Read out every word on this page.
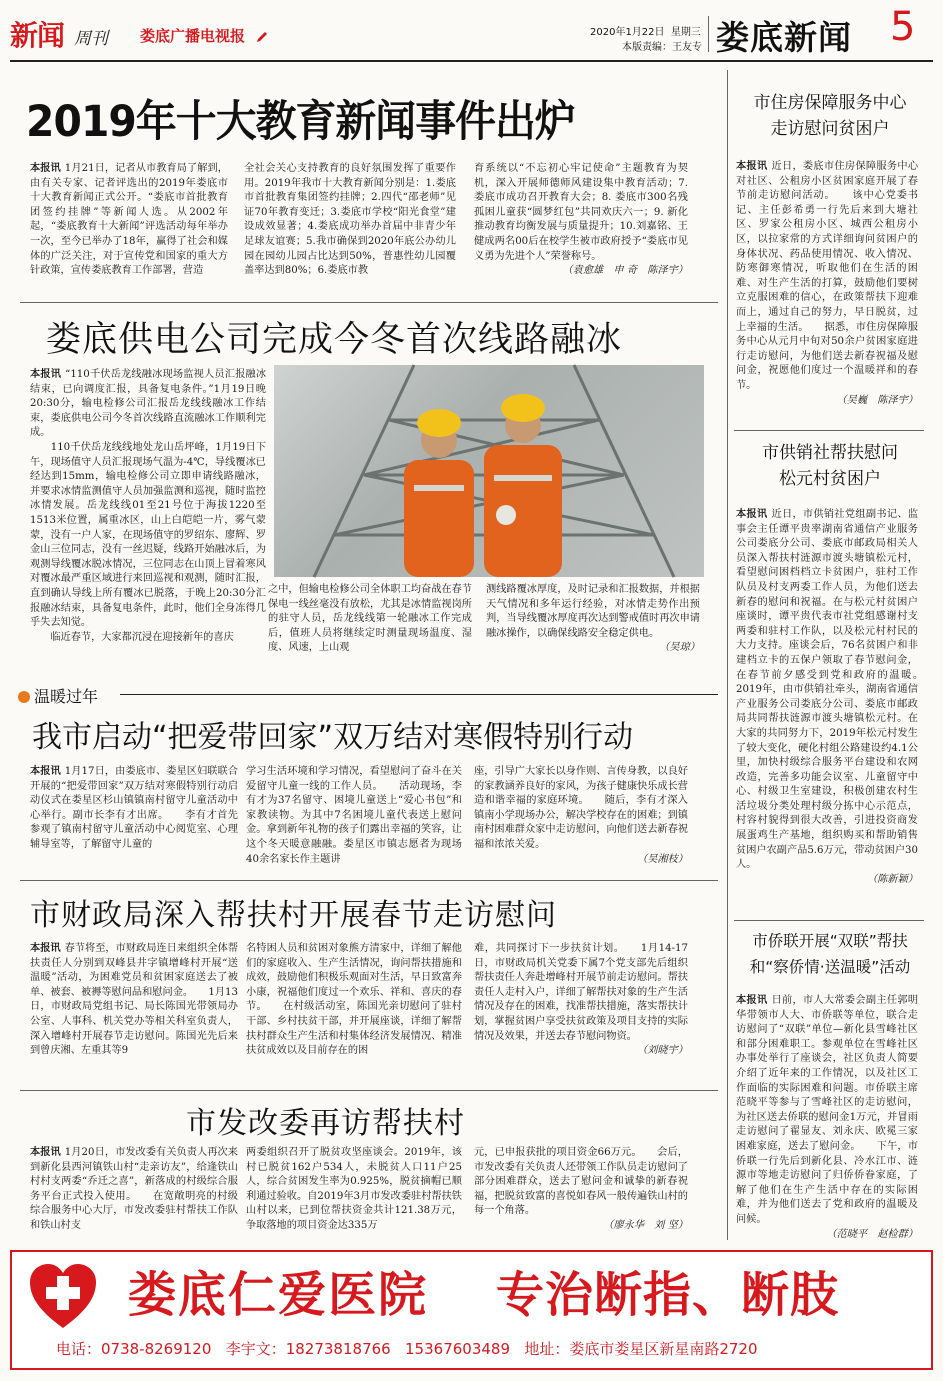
新闻 周刊 娄底广播电视报	2020年1月22日 星期三
本版责编：王友专 娄底新闻 5
2019年十大教育新闻事件出炉
本报讯 1月21日，记者从市教育局了解到，由有关专家、记者评选出的2019年娄底市十大教育新闻正式公开。“娄底市首批教育团签约挂牌”等新闻人选。从2002年起，“娄底教育十大新闻”评选活动每年举办一次，至今已举办了18年，赢得了社会和媒体的广泛关注，对于宣传党和国家的重大方针政策，宣传娄底教育工作部署，营造
全社会关心支持教育的良好氛围发挥了重要作用。2019年我市十大教育新闻分别是：1.娄底市首批教育集团签约挂牌；2.四代“邵老师”见证70年教育变迁；3.娄底市学校“阳光食堂”建设成效显著；4.娄底成功举办首届中非青少年足球友谊赛；5.我市确保到2020年底公办幼儿园在园幼儿园占比达到50%，普惠性幼儿园覆盖率达到80%；6.娄底市教
育系统以“不忘初心牢记使命”主题教育为契机，深入开展师德师风建设集中教育活动；7. 娄底市成功召开教育大会；8. 娄底市300名残孤困儿童获“圆梦红包”共同欢庆六一；9. 新化推动教育均衡发展与质量提升；10.刘嘉铭、王健成两名00后在校学生被市政府授予“娄底市见义勇为先进个人”荣誉称号。
（袁愈雄　申 奇　陈泽宇）
娄底供电公司完成今冬首次线路融冰
本报讯 “110千伏岳龙线融冰现场监视人员汇报融冰结束，已向调度汇报，具备复电条件。”1月19日晚20:30分，输电检修公司汇报岳龙线线融冰工作结束，娄底供电公司今冬首次线路直流融冰工作顺利完成。
　　110千伏岳龙线线地处龙山岳坪峰，1月19日下午，现场值守人员汇报现场气温为-4℃，导线覆冰已经达到15mm，输电检修公司立即申请线路融冰，并要求冰情监测值守人员加强监测和巡视，随时监控冰情发展。岳龙线线01至21号位于海拔1220至1513米位置，属重冰区，山上白皑皑一片，雾气蒙蒙，没有一户人家，在现场值守的罗绍东、廖辉、罗金山三位同志，没有一丝迟疑，线路开始融冰后，为观测导线覆冰脱冰情况，三位同志在山顶上冒着寒风对覆冰最严重区域进行来回巡视和观测，随时汇报，直到确认导线上所有覆冰已脱落，于晚上20:30分汇报融冰结束，具备复电条件，此时，他们全身冻得几乎失去知觉。
　　临近春节，大家都沉浸在迎接新年的喜庆
之中，但输电检修公司全体职工均奋战在春节保电一线丝毫没有放松，尤其是冰情监视岗所的驻守人员，岳龙线线第一轮融冰工作完成后，值班人员将继续定时测量现场温度、湿度、风速，上山观
测线路覆冰厚度，及时记录和汇报数据，并根据天气情况和多年运行经验，对冰情走势作出预判，当导线覆冰厚度再次达到警戒值时再次申请融冰操作，以确保线路安全稳定供电。
（吴琼）
温暖过年
我市启动“把爱带回家”双万结对寒假特别行动
本报讯 1月17日，由娄底市、娄星区妇联联合开展的“把爱带回家”双万结对寒假特别行动启动仪式在娄星区杉山镇镇南村留守儿童活动中心举行。副市长李有才出席。　　李有才首先参观了镇南村留守儿童活动中心阅览室、心理辅导室等，了解留守儿童的
学习生活环境和学习情况，看望慰问了奋斗在关爱留守儿童一线的工作人员。　　活动现场，李有才为37名留守、困境儿童送上“爱心书包”和家教读物。为其中7名困境儿童代表送上慰问金。拿到新年礼物的孩子们露出幸福的笑容，让这个冬天暖意融融。娄星区市镇志愿者为现场40余名家长作主题讲
座，引导广大家长以身作则、言传身教，以良好的家教涵养良好的家风，为孩子健康快乐成长营造和谐幸福的家庭环境。　　随后，李有才深入镇南小学现场办公，解决学校存在的困难；到镇南村困难群众家中走访慰问，向他们送去新春祝福和浓浓关爱。
（吴湘枝）
市财政局深入帮扶村开展春节走访慰问
本报讯 春节将至，市财政局连日来组织全体帮扶责任人分别到双峰县井字镇增峰村开展“送温暖”活动，为困难党员和贫困家庭送去了被单、被套、被褥等慰问品和慰问金。　　1月13日，市财政局党组书记、局长陈国光带领局办公室、人事科、机关党办等相关科室负责人，深入增峰村开展春节走访慰问。陈国光先后来到曾庆湘、左重其等9
名特困人员和贫困对象熊方清家中，详细了解他们的家庭收入、生产生活情况，询问帮扶措施和成效，鼓励他们积极乐观面对生活，早日致富奔小康，祝福他们度过一个欢乐、祥和、喜庆的春节。　　在村级活动室，陈国光亲切慰问了驻村干部、乡村扶贫干部，并开展座谈，详细了解帮扶村群众生产生活和村集体经济发展情况、精准扶贫成效以及目前存在的困
难，共同探讨下一步扶贫计划。　　1月14-17日，市财政局机关党委下属7个党支部先后组织帮扶责任人奔赴增峰村开展节前走访慰问。帮扶责任人走村入户，详细了解帮扶对象的生产生活情况及存在的困难，找准帮扶措施，落实帮扶计划，掌握贫困户享受扶贫政策及项目支持的实际情况及效果，并送去春节慰问物资。
（刘晓宇）
市发改委再访帮扶村
本报讯 1月20日，市发改委有关负责人再次来到新化县西河镇铁山村“走亲访友”，给逢铁山村村支两委“乔迁之喜”，新落成的村级综合服务平台正式投入使用。　　在宽敞明亮的村级综合服务中心大厅，市发改委驻村帮扶工作队和铁山村支
两委组织召开了脱贫攻坚座谈会。2019年，该村已脱贫162户534人，未脱贫人口11户25人，综合贫困发生率为0.925%，脱贫摘帽已顺利通过验收。自2019年3月市发改委驻村帮扶铁山村以来，已到位帮扶资金共计121.38万元，争取落地的项目资金达335万
元，已申报获批的项目资金66万元。　　会后，市发改委有关负责人还带领工作队员走访慰问了部分困难群众，送去了慰问金和诚挚的新春祝福，把脱贫致富的喜悦如春风一般传遍铁山村的每一个角落。
（廖永华　刘 坚）
市住房保障服务中心
走访慰问贫困户
本报讯 近日，娄底市住房保障服务中心对社区、公租房小区贫困家庭开展了春节前走访慰问活动。　　该中心党委书记、主任彭希勇一行先后来到大塘社区、罗家公租房小区、城西公租房小区，以拉家常的方式详细询问贫困户的身体状况、药品使用情况、收入情况、防寒御寒情况，听取他们在生活的困难、对生产生活的打算，鼓励他们要树立克服困难的信心，在政策帮扶下迎难而上，通过自己的努力，早日脱贫，过上幸福的生活。　　据悉，市住房保障服务中心从元月中旬对50余户贫困家庭进行走访慰问，为他们送去新春祝福及慰问金，祝愿他们度过一个温暖祥和的春节。
（吴巍　陈泽宇）
市供销社帮扶慰问
松元村贫困户
本报讯 近日，市供销社党组副书记、监事会主任谭平贵率湖南省通信产业服务公司娄底分公司、娄底市邮政局相关人员深入帮扶村涟源市渡头塘镇松元村，看望慰问困档档立卡贫困户，驻村工作队员及村支两委工作人员，为他们送去新春的慰问和祝福。在与松元村贫困户座谈时，谭平贵代表市社党组感谢村支两委和驻村工作队，以及松元村村民的大力支持。座谈会后，76名贫困户和非建档立卡的五保户领取了春节慰问金，在春节前夕感受到党和政府的温暖。　　2019年，由市供销社牵头，湖南省通信产业服务公司娄底分公司、娄底市邮政局共同帮扶涟源市渡头塘镇松元村。在大家的共同努力下，2019年松元村发生了较大变化，硬化村组公路建设约4.1公里，加快村级综合服务平台建设和农网改造，完善多功能会议室、儿童留守中心、村级卫生室建设，积极创建农村生活垃圾分类处理村级分拣中心示范点，村容村貌得到很大改善，引进投资商发展蛋鸡生产基地，组织购买和帮助销售贫困户农副产品5.6万元，带动贫困户30人。
（陈新颖）
市侨联开展“双联”帮扶
和“察侨情·送温暖”活动
本报讯 日前，市人大常委会副主任郭明华带领市人大、市侨联等单位，联合走访慰问了“双联”单位—新化县雪峰社区和部分困难职工。参观单位在雪峰社区办事处举行了座谈会，社区负责人简要介绍了近年来的工作情况，以及社区工作面临的实际困难和问题。市侨联主席范晓平等参与了雪峰社区的走访慰问，为社区送去侨联的慰问金1万元，并冒雨走访慰问了翟显友、刘永庆、欧冕三家困难家庭，送去了慰问金。　　下午，市侨联一行先后到新化县、冷水江市、涟源市等地走访慰问了归侨侨眷家庭，了解了他们在生产生活中存在的实际困难，并为他们送去了党和政府的温暖及问候。
（范晓平　赵检群）
娄底仁爱医院 专治断指、断肢
电话：0738-8269120 李宇文：18273818766 15367603489 地址：娄底市娄星区新星南路2720
